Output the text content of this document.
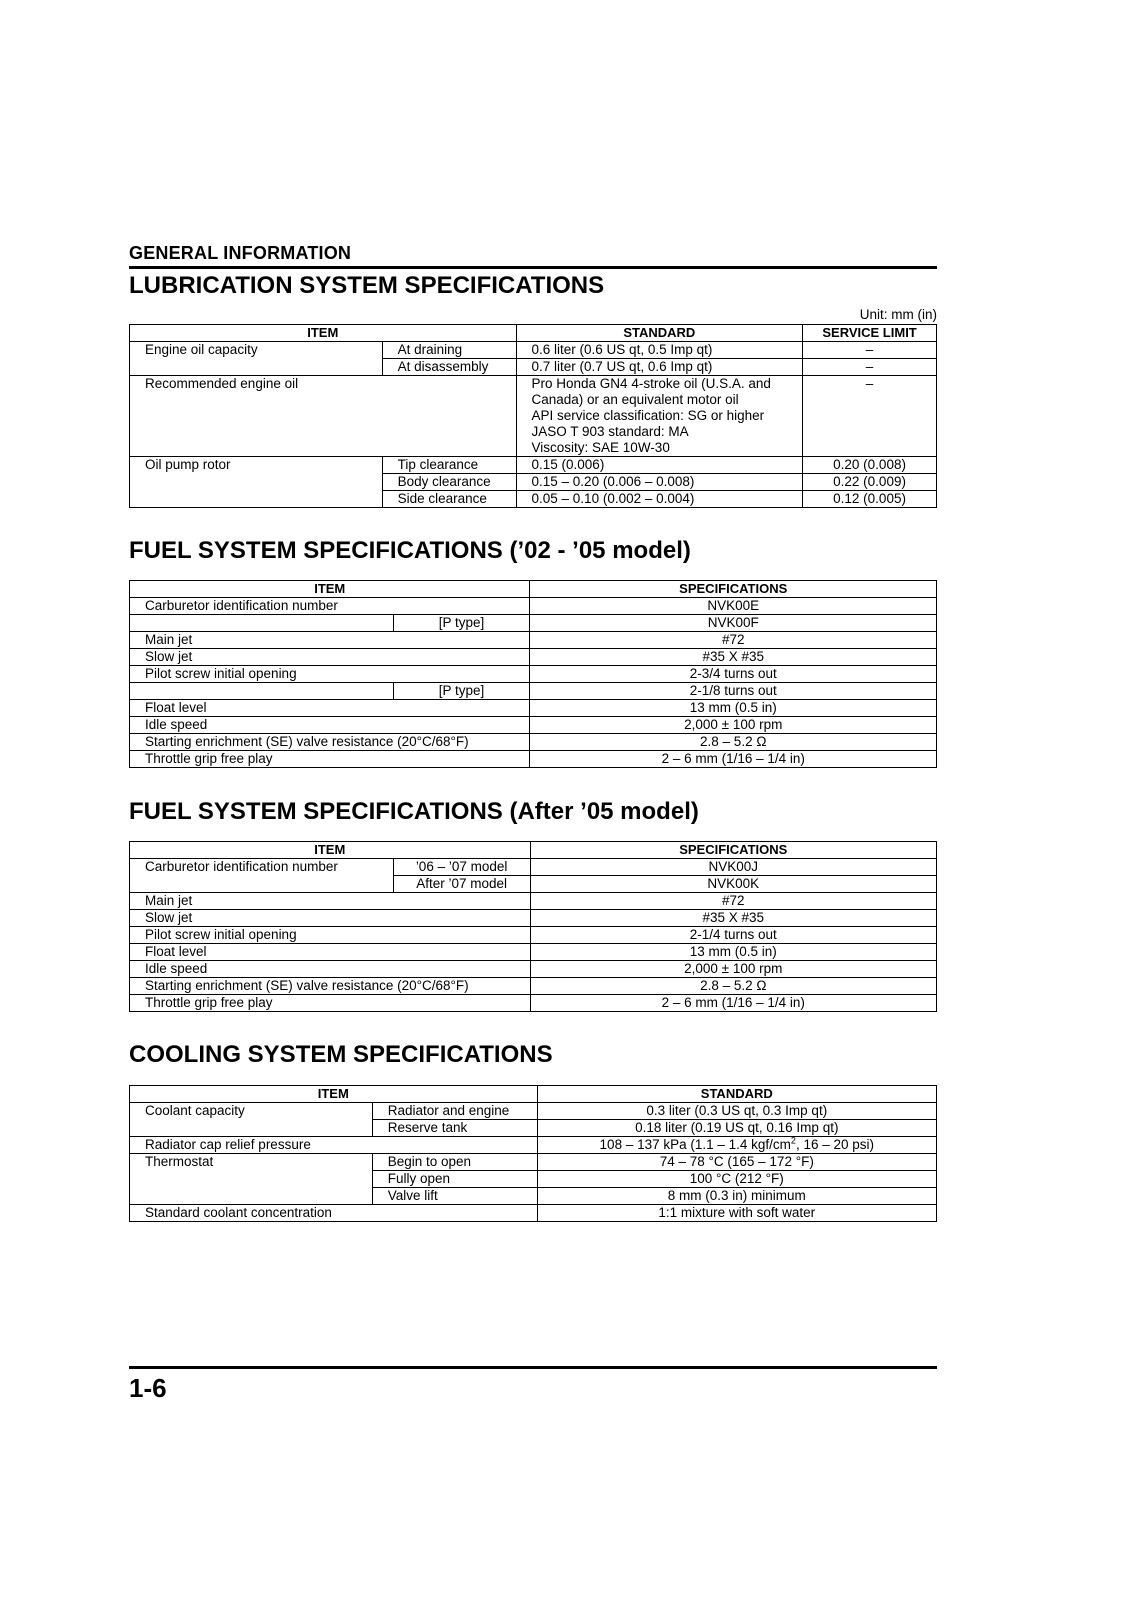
GENERAL INFORMATION
LUBRICATION SYSTEM SPECIFICATIONS
Unit: mm (in)
ITEM		STANDARD	SERVICE LIMIT
Engine oil capacity	At draining	0.6 liter (0.6 US qt, 0.5 Imp qt)	–
	At disassembly	0.7 liter (0.7 US qt, 0.6 Imp qt)	–
Recommended engine oil		Pro Honda GN4 4-stroke oil (U.S.A. and
Canada) or an equivalent motor oil
API service classification: SG or higher
JASO T 903 standard: MA
Viscosity: SAE 10W-30	–
Oil pump rotor	Tip clearance	0.15 (0.006)	0.20 (0.008)
	Body clearance	0.15 – 0.20 (0.006 – 0.008)	0.22 (0.009)
	Side clearance	0.05 – 0.10 (0.002 – 0.004)	0.12 (0.005)
FUEL SYSTEM SPECIFICATIONS (’02 - ’05 model)
ITEM		SPECIFICATIONS
Carburetor identification number		NVK00E
	[P type]	NVK00F
Main jet		#72
Slow jet		#35 X #35
Pilot screw initial opening		2-3/4 turns out
	[P type]	2-1/8 turns out
Float level		13 mm (0.5 in)
Idle speed		2,000 ± 100 rpm
Starting enrichment (SE) valve resistance (20°C/68°F)		2.8 – 5.2 Ω
Throttle grip free play		2 – 6 mm (1/16 – 1/4 in)
FUEL SYSTEM SPECIFICATIONS (After ’05 model)
ITEM		SPECIFICATIONS
Carburetor identification number	’06 – ’07 model	NVK00J
	After ’07 model	NVK00K
Main jet		#72
Slow jet		#35 X #35
Pilot screw initial opening		2-1/4 turns out
Float level		13 mm (0.5 in)
Idle speed		2,000 ± 100 rpm
Starting enrichment (SE) valve resistance (20°C/68°F)		2.8 – 5.2 Ω
Throttle grip free play		2 – 6 mm (1/16 – 1/4 in)
COOLING SYSTEM SPECIFICATIONS
ITEM		STANDARD
Coolant capacity	Radiator and engine	0.3 liter (0.3 US qt, 0.3 Imp qt)
	Reserve tank	0.18 liter (0.19 US qt, 0.16 Imp qt)
Radiator cap relief pressure		108 – 137 kPa (1.1 – 1.4 kgf/$cm^2$, 16 – 20 psi)
Thermostat	Begin to open	74 – 78 °C (165 – 172 °F)
	Fully open	100 °C (212 °F)
	Valve lift	8 mm (0.3 in) minimum
Standard coolant concentration		1:1 mixture with soft water
1-6
